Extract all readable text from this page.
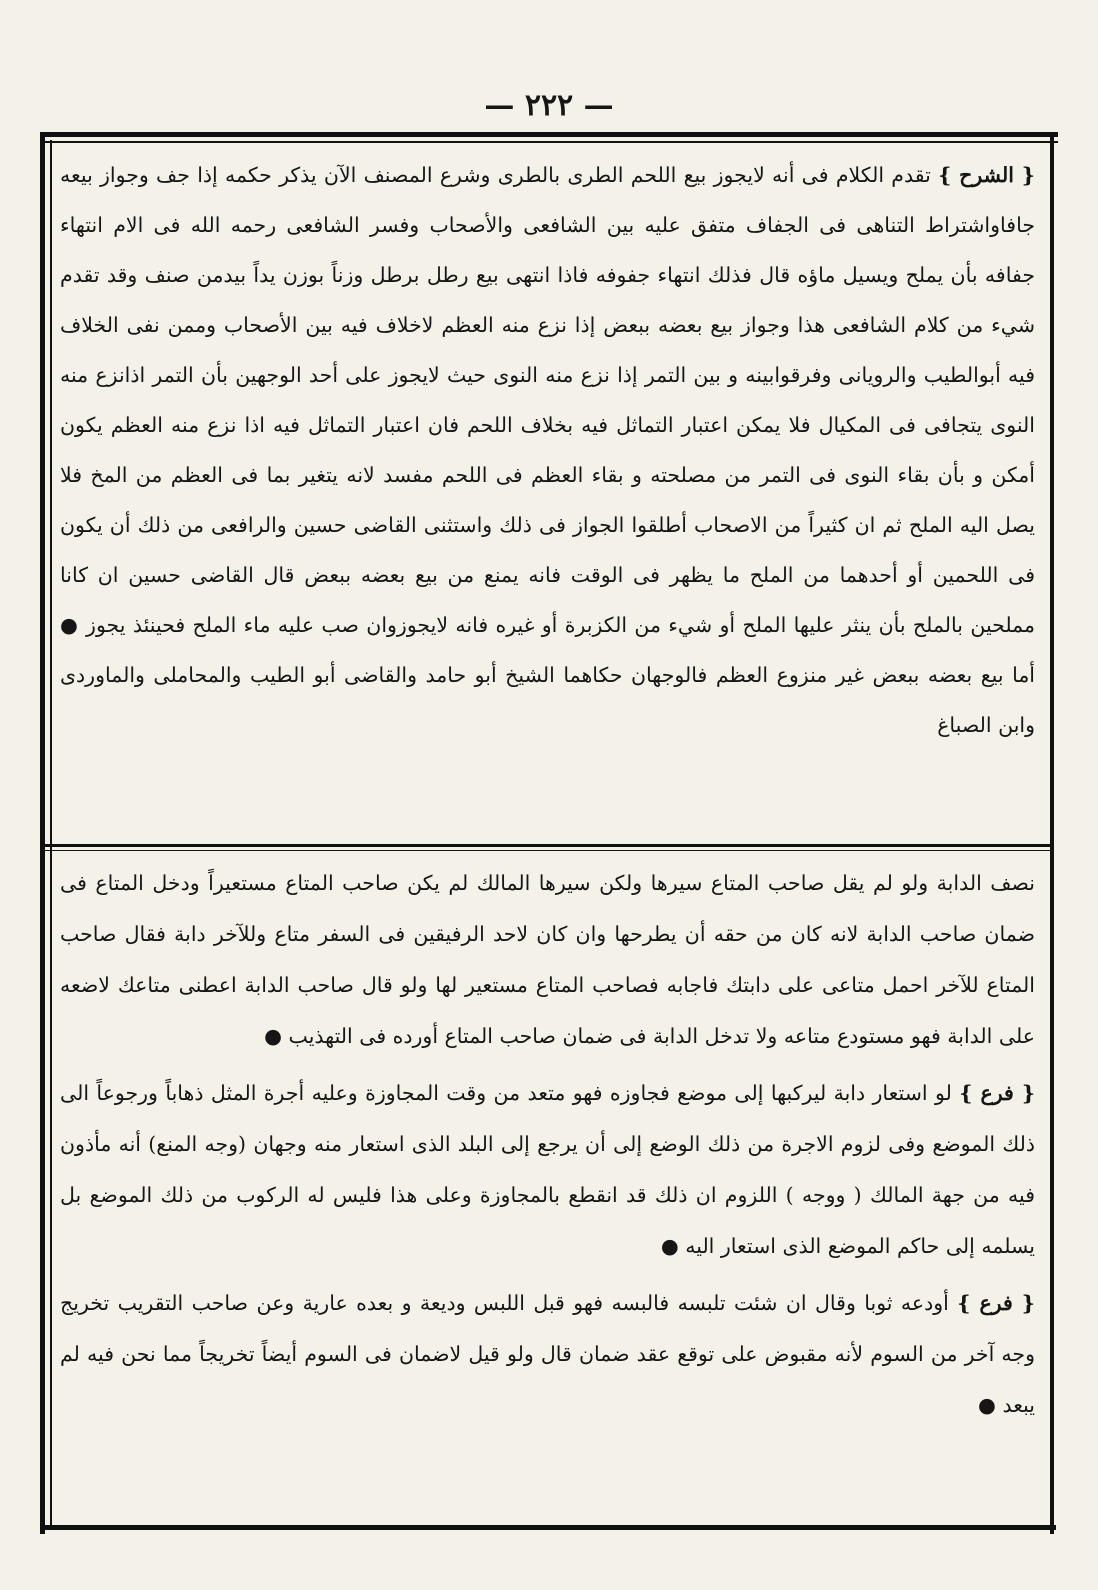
— ٢٢٢ —

{ الشرح } تقدم الكلام فى أنه لايجوز بيع اللحم الطرى بالطرى وشرع المصنف الآن يذكر حكمه إذا جف وجواز بيعه جافاواشتراط التناهى فى الجفاف متفق عليه بين الشافعى والأصحاب وفسر الشافعى رحمه الله فى الام انتهاء جفافه بأن يملح ويسيل ماؤه قال فذلك انتهاء جفوفه فاذا انتهى بيع رطل برطل وزناً بوزن يداً بيدمن صنف وقد تقدم شيء من كلام الشافعى هذا وجواز بيع بعضه ببعض إذا نزع منه العظم لاخلاف فيه بين الأصحاب وممن نفى الخلاف فيه أبوالطيب والرويانى وفرقوابينه و بين التمر إذا نزع منه النوى حيث لايجوز على أحد الوجهين بأن التمر اذانزع منه النوى يتجافى فى المكيال فلا يمكن اعتبار التماثل فيه بخلاف اللحم فان اعتبار التماثل فيه اذا نزع منه العظم يكون أمكن و بأن بقاء النوى فى التمر من مصلحته و بقاء العظم فى اللحم مفسد لانه يتغير بما فى العظم من المخ فلا يصل اليه الملح ثم ان كثيراً من الاصحاب أطلقوا الجواز فى ذلك واستثنى القاضى حسين والرافعى من ذلك أن يكون فى اللحمين أو أحدهما من الملح ما يظهر فى الوقت فانه يمنع من بيع بعضه ببعض قال القاضى حسين ان كانا مملحين بالملح بأن ينثر عليها الملح أو شيء من الكزبرة أو غيره فانه لايجوزوان صب عليه ماء الملح فحينئذ يجوز ● أما بيع بعضه ببعض غير منزوع العظم فالوجهان حكاهما الشيخ أبو حامد والقاضى أبو الطيب والمحاملى والماوردى وابن الصباغ

نصف الدابة ولو لم يقل صاحب المتاع سيرها ولكن سيرها المالك لم يكن صاحب المتاع مستعيراً ودخل المتاع فى ضمان صاحب الدابة لانه كان من حقه أن يطرحها وان كان لاحد الرفيقين فى السفر متاع وللآخر دابة فقال صاحب المتاع للآخر احمل متاعى على دابتك فاجابه فصاحب المتاع مستعير لها ولو قال صاحب الدابة اعطنى متاعك لاضعه على الدابة فهو مستودع متاعه ولا تدخل الدابة فى ضمان صاحب المتاع أورده فى التهذيب ●

{ فرع } لو استعار دابة ليركبها إلى موضع فجاوزه فهو متعد من وقت المجاوزة وعليه أجرة المثل ذهاباً ورجوعاً الى ذلك الموضع وفى لزوم الاجرة من ذلك الوضع إلى أن يرجع إلى البلد الذى استعار منه وجهان (وجه المنع) أنه مأذون فيه من جهة المالك ( ووجه ) اللزوم ان ذلك قد انقطع بالمجاوزة وعلى هذا فليس له الركوب من ذلك الموضع بل يسلمه إلى حاكم الموضع الذى استعار اليه ●

{ فرع } أودعه ثوبا وقال ان شئت تلبسه فالبسه فهو قبل اللبس وديعة و بعده عارية وعن صاحب التقريب تخريج وجه آخر من السوم لأنه مقبوض على توقع عقد ضمان قال ولو قيل لاضمان فى السوم أيضاً تخريجاً مما نحن فيه لم يبعد ●
